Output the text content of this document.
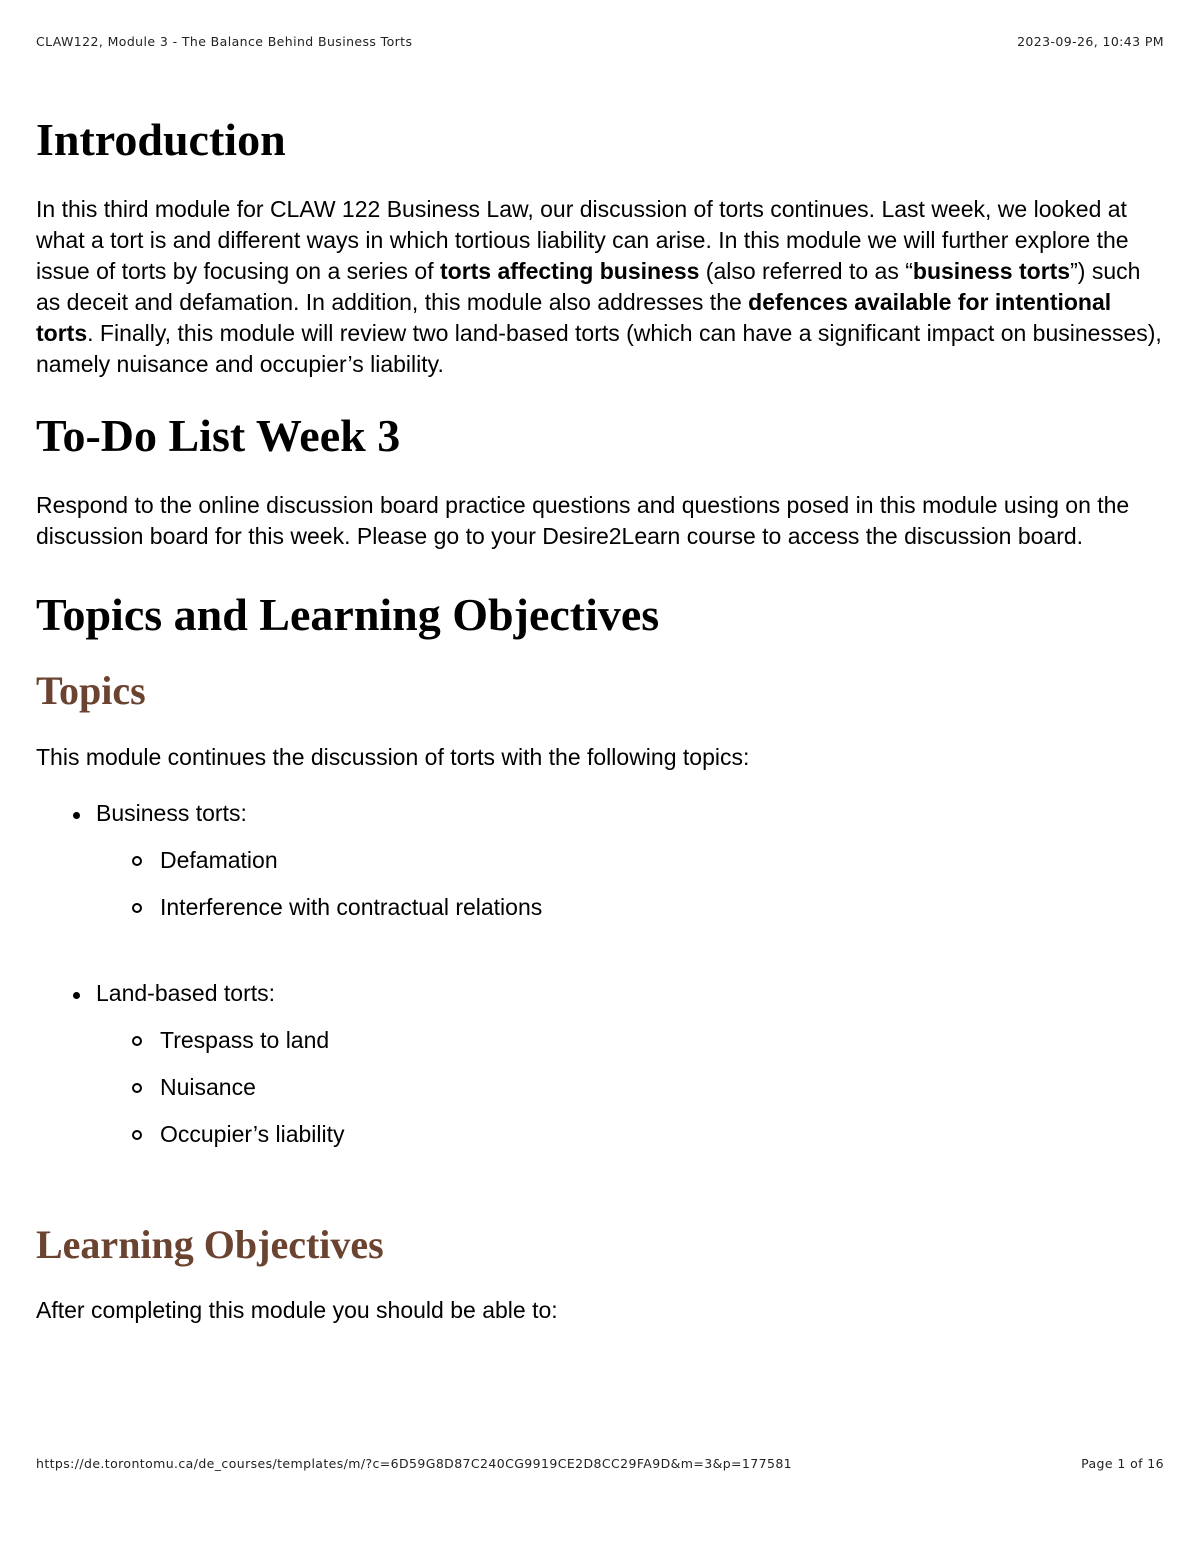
CLAW122, Module 3 - The Balance Behind Business Torts	2023-09-26, 10:43 PM
Introduction

In this third module for CLAW 122 Business Law, our discussion of torts continues. Last week, we looked at what a tort is and different ways in which tortious liability can arise. In this module we will further explore the issue of torts by focusing on a series of torts affecting business (also referred to as “business torts”) such as deceit and defamation. In addition, this module also addresses the defences available for intentional torts. Finally, this module will review two land-based torts (which can have a significant impact on businesses), namely nuisance and occupier’s liability.

To-Do List Week 3

Respond to the online discussion board practice questions and questions posed in this module using on the discussion board for this week. Please go to your Desire2Learn course to access the discussion board.

Topics and Learning Objectives
Topics

This module continues the discussion of torts with the following topics:

Business torts:
Defamation
Interference with contractual relations
Land-based torts:
Trespass to land
Nuisance
Occupier’s liability
Learning Objectives

After completing this module you should be able to:

https://de.torontomu.ca/de_courses/templates/m/?c=6D59G8D87C240CG9919CE2D8CC29FA9D&m=3&p=177581	Page 1 of 16
